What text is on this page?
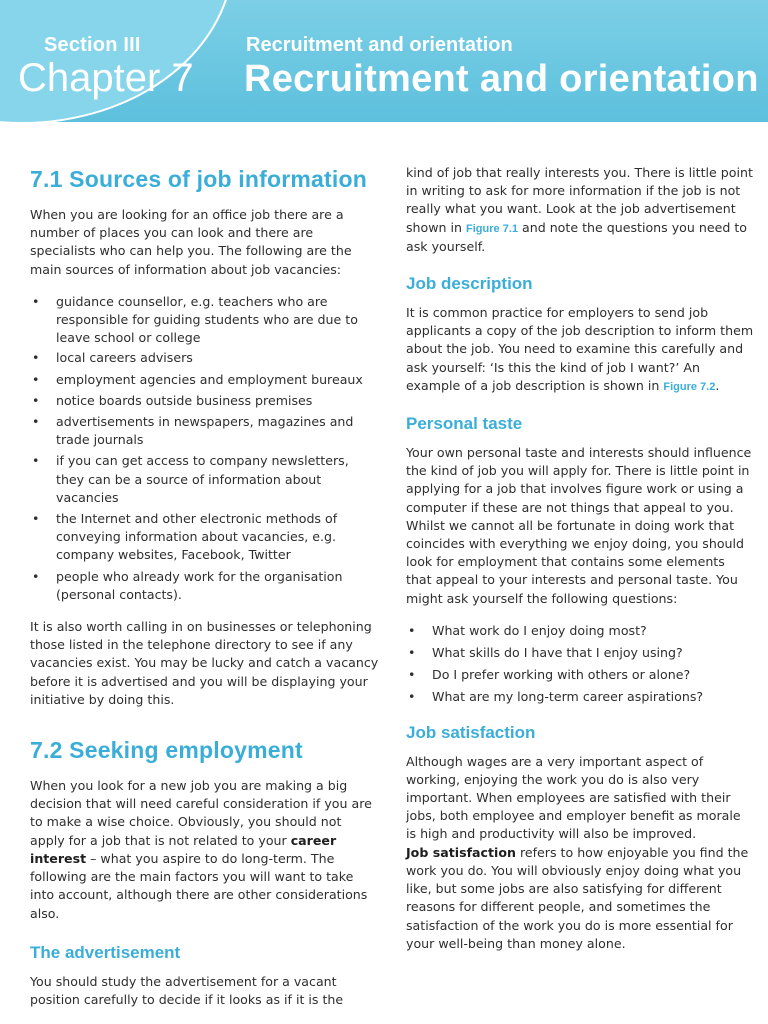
Section III
Chapter 7
Recruitment and orientation
Recruitment and orientation
7.1 Sources of job information

When you are looking for an office job there are a number of places you can look and there are specialists who can help you. The following are the main sources of information about job vacancies:

• guidance counsellor, e.g. teachers who are responsible for guiding students who are due to leave school or college
• local careers advisers
• employment agencies and employment bureaux
• notice boards outside business premises
• advertisements in newspapers, magazines and trade journals
• if you can get access to company newsletters, they can be a source of information about vacancies
• the Internet and other electronic methods of conveying information about vacancies, e.g. company websites, Facebook, Twitter
• people who already work for the organisation (personal contacts).

It is also worth calling in on businesses or telephoning those listed in the telephone directory to see if any vacancies exist. You may be lucky and catch a vacancy before it is advertised and you will be displaying your initiative by doing this.

7.2 Seeking employment

When you look for a new job you are making a big decision that will need careful consideration if you are to make a wise choice. Obviously, you should not apply for a job that is not related to your career interest – what you aspire to do long-term. The following are the main factors you will want to take into account, although there are other considerations also.

The advertisement

You should study the advertisement for a vacant position carefully to decide if it looks as if it is the

kind of job that really interests you. There is little point in writing to ask for more information if the job is not really what you want. Look at the job advertisement shown in Figure 7.1 and note the questions you need to ask yourself.

Job description

It is common practice for employers to send job applicants a copy of the job description to inform them about the job. You need to examine this carefully and ask yourself: ‘Is this the kind of job I want?’ An example of a job description is shown in Figure 7.2.

Personal taste

Your own personal taste and interests should influence the kind of job you will apply for. There is little point in applying for a job that involves figure work or using a computer if these are not things that appeal to you. Whilst we cannot all be fortunate in doing work that coincides with everything we enjoy doing, you should look for employment that contains some elements that appeal to your interests and personal taste. You might ask yourself the following questions:

• What work do I enjoy doing most?
• What skills do I have that I enjoy using?
• Do I prefer working with others or alone?
• What are my long-term career aspirations?
Job satisfaction

Although wages are a very important aspect of working, enjoying the work you do is also very important. When employees are satisfied with their jobs, both employee and employer benefit as morale is high and productivity will also be improved.
Job satisfaction refers to how enjoyable you find the work you do. You will obviously enjoy doing what you like, but some jobs are also satisfying for different reasons for different people, and sometimes the satisfaction of the work you do is more essential for your well-being than money alone.
